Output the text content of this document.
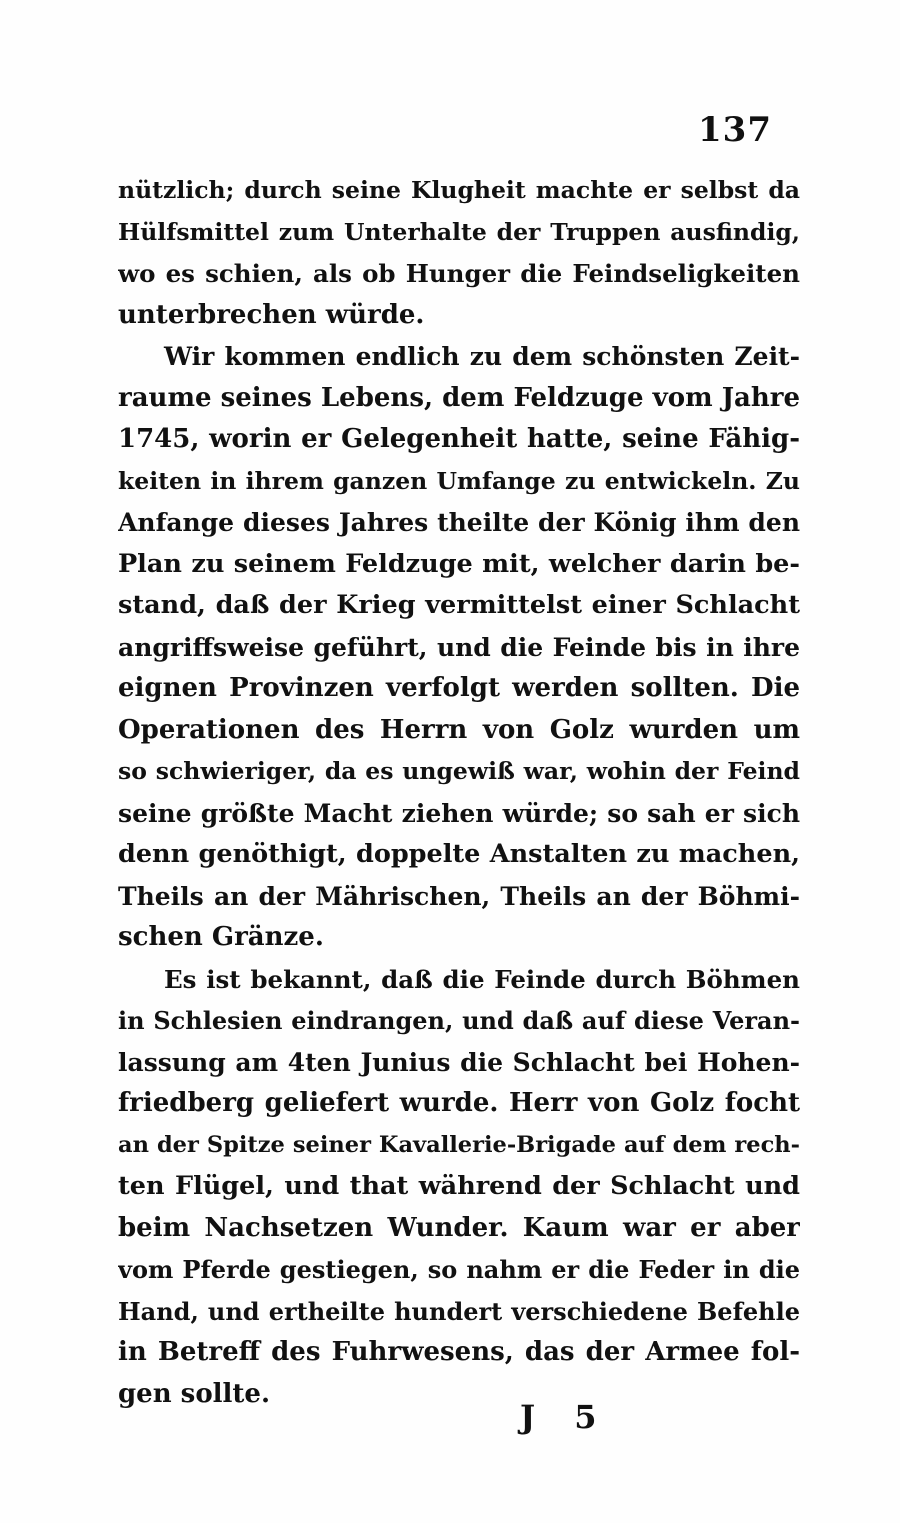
137
nützlich; durch seine Klugheit machte er selbst da
Hülfsmittel zum Unterhalte der Truppen ausfindig,
wo es schien, als ob Hunger die Feindseligkeiten
unterbrechen würde.
Wir kommen endlich zu dem schönsten Zeit-
raume seines Lebens, dem Feldzuge vom Jahre
1745, worin er Gelegenheit hatte, seine Fähig-
keiten in ihrem ganzen Umfange zu entwickeln. Zu
Anfange dieses Jahres theilte der König ihm den
Plan zu seinem Feldzuge mit, welcher darin be-
stand, daß der Krieg vermittelst einer Schlacht
angriffsweise geführt, und die Feinde bis in ihre
eignen Provinzen verfolgt werden sollten. Die
Operationen des Herrn von Golz wurden um
so schwieriger, da es ungewiß war, wohin der Feind
seine größte Macht ziehen würde; so sah er sich
denn genöthigt, doppelte Anstalten zu machen,
Theils an der Mährischen, Theils an der Böhmi-
schen Gränze.
Es ist bekannt, daß die Feinde durch Böhmen
in Schlesien eindrangen, und daß auf diese Veran-
lassung am 4ten Junius die Schlacht bei Hohen-
friedberg geliefert wurde. Herr von Golz focht
an der Spitze seiner Kavallerie-Brigade auf dem rech-
ten Flügel, und that während der Schlacht und
beim Nachsetzen Wunder. Kaum war er aber
vom Pferde gestiegen, so nahm er die Feder in die
Hand, und ertheilte hundert verschiedene Befehle
in Betreff des Fuhrwesens, das der Armee fol-
gen sollte.
J 5
